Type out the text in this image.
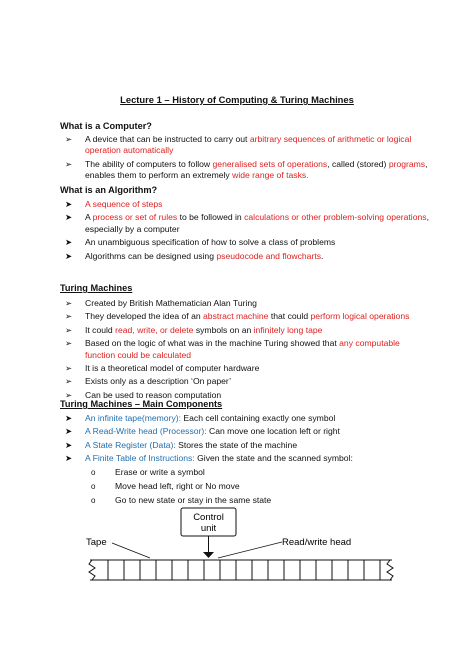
Lecture 1 – History of Computing & Turing Machines
What is a Computer?
➢ A device that can be instructed to carry out arbitrary sequences of arithmetic or logical operation automatically
➢ The ability of computers to follow generalised sets of operations, called (stored) programs, enables them to perform an extremely wide range of tasks.
What is an Algorithm?
➤ A sequence of steps
➤ A process or set of rules to be followed in calculations or other problem-solving operations, especially by a computer
➤ An unambiguous specification of how to solve a class of problems
➤ Algorithms can be designed using pseudocode and flowcharts.
Turing Machines
➢ Created by British Mathematician Alan Turing
➢ They developed the idea of an abstract machine that could perform logical operations
➢ It could read, write, or delete symbols on an infinitely long tape
➢ Based on the logic of what was in the machine Turing showed that any computable function could be calculated
➢ It is a theoretical model of computer hardware
➢ Exists only as a description ‘On paper’
➢ Can be used to reason computation
Turing Machines – Main Components
➤ An infinite tape(memory): Each cell containing exactly one symbol
➤ A Read-Write head (Processor): Can move one location left or right
➤ A State Register (Data): Stores the state of the machine
➤ A Finite Table of Instructions: Given the state and the scanned symbol:
o Erase or write a symbol
o Move head left, right or No move
o Go to new state or stay in the same state
Control
unit
Tape	Read/write head
